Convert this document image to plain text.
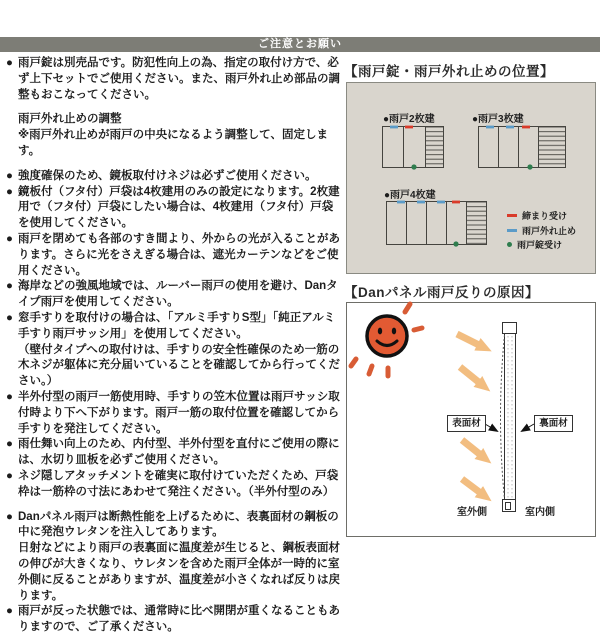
ご注意とお願い
● 雨戸錠は別売品です。防犯性向上の為、指定の取付け方で、必ず上下セットでご使用ください。また、雨戸外れ止め部品の調整もおこなってください。
雨戸外れ止めの調整
※雨戸外れ止めが雨戸の中央になるよう調整して、固定します。
● 強度確保のため、鏡板取付けネジは必ずご使用ください。
● 鏡板付（フタ付）戸袋は4枚建用のみの設定になります。2枚建用で（フタ付）戸袋にしたい場合は、4枚建用（フタ付）戸袋を使用してください。
● 雨戸を閉めても各部のすき間より、外からの光が入ることがあります。さらに光をさえぎる場合は、遮光カーテンなどをご使用ください。
● 海岸などの強風地域では、ルーバー雨戸の使用を避け、Danタイプ雨戸を使用してください。
● 窓手すりを取付けの場合は、「アルミ手すりS型」「純正アルミ手すり雨戸サッシ用」を使用してください。
（壁付タイプへの取付けは、手すりの安全性確保のため一筋の木ネジが躯体に充分届いていることを確認してから行ってください。）
● 半外付型の雨戸一筋使用時、手すりの笠木位置は雨戸サッシ取付時より下へ下がります。雨戸一筋の取付位置を確認してから手すりを発注してください。
● 雨仕舞い向上のため、内付型、半外付型を直付にご使用の際には、水切り皿板を必ずご使用ください。
● ネジ隠しアタッチメントを確実に取付けていただくため、戸袋枠は一筋枠の寸法にあわせて発注ください。（半外付型のみ）
● Danパネル雨戸は断熱性能を上げるために、表裏面材の鋼板の中に発泡ウレタンを注入してあります。
日射などにより雨戸の表裏面に温度差が生じると、鋼板表面材の伸びが大きくなり、ウレタンを含めた雨戸全体が一時的に室外側に反ることがありますが、温度差が小さくなれば反りは戻ります。
● 雨戸が反った状態では、通常時に比べ開閉が重くなることもありますので、ご了承ください。
【雨戸錠・雨戸外れ止めの位置】
●雨戸2枚建	●雨戸3枚建
●雨戸4枚建
締まり受け
雨戸外れ止め
雨戸錠受け
【Danパネル雨戸反りの原因】
表面材	裏面材
室外側	室内側
